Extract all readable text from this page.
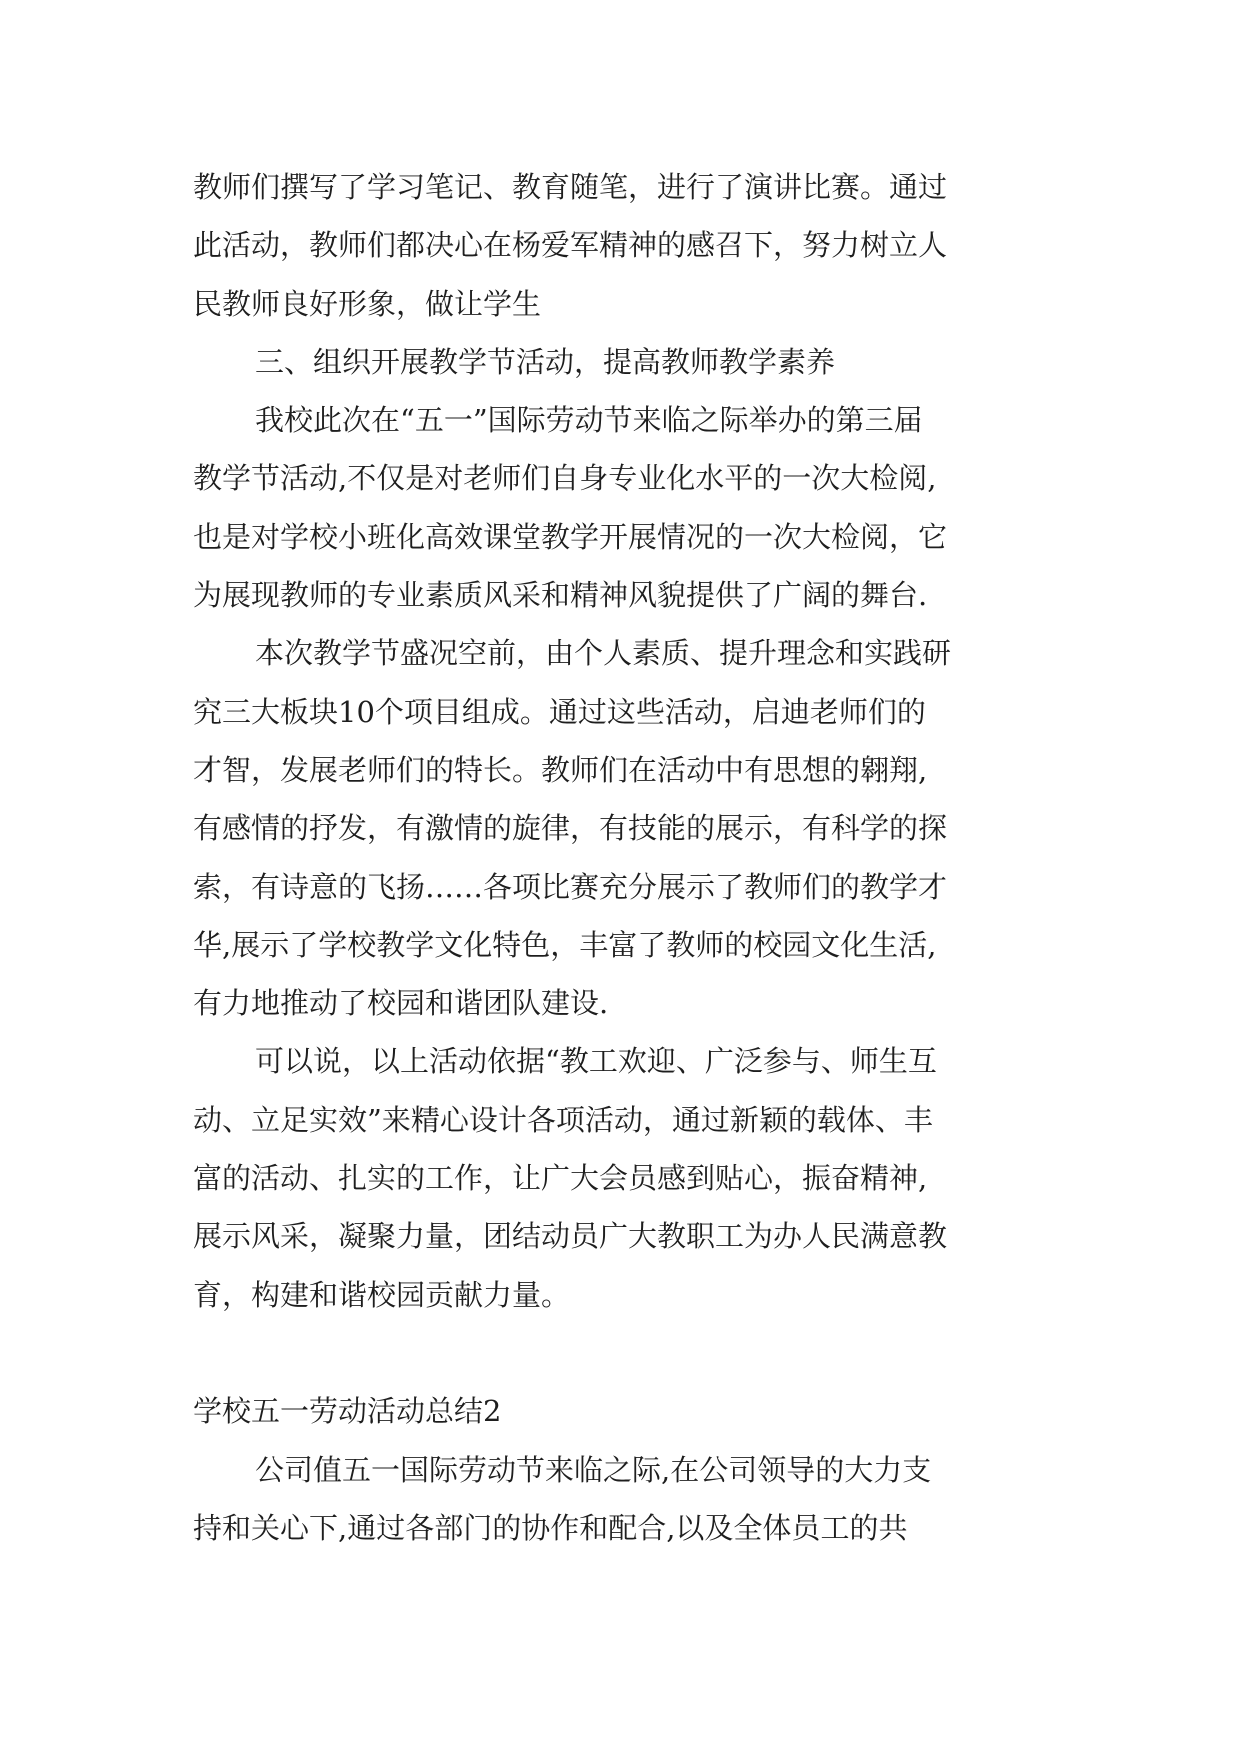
教师们撰写了学习笔记、教育随笔，进行了演讲比赛。通过
此活动，教师们都决心在杨爱军精神的感召下，努力树立人
民教师良好形象，做让学生
三、组织开展教学节活动，提高教师教学素养
我校此次在“五一”国际劳动节来临之际举办的第三届
教学节活动,不仅是对老师们自身专业化水平的一次大检阅,
也是对学校小班化高效课堂教学开展情况的一次大检阅，它
为展现教师的专业素质风采和精神风貌提供了广阔的舞台.
本次教学节盛况空前，由个人素质、提升理念和实践研
究三大板块10个项目组成。通过这些活动，启迪老师们的
才智，发展老师们的特长。教师们在活动中有思想的翱翔,
有感情的抒发，有激情的旋律，有技能的展示，有科学的探
索，有诗意的飞扬……各项比赛充分展示了教师们的教学才
华,展示了学校教学文化特色，丰富了教师的校园文化生活,
有力地推动了校园和谐团队建设.
可以说，以上活动依据“教工欢迎、广泛参与、师生互
动、立足实效”来精心设计各项活动，通过新颖的载体、丰
富的活动、扎实的工作，让广大会员感到贴心，振奋精神,
展示风采，凝聚力量，团结动员广大教职工为办人民满意教
育，构建和谐校园贡献力量。
学校五一劳动活动总结2
公司值五一国际劳动节来临之际,在公司领导的大力支
持和关心下,通过各部门的协作和配合,以及全体员工的共
